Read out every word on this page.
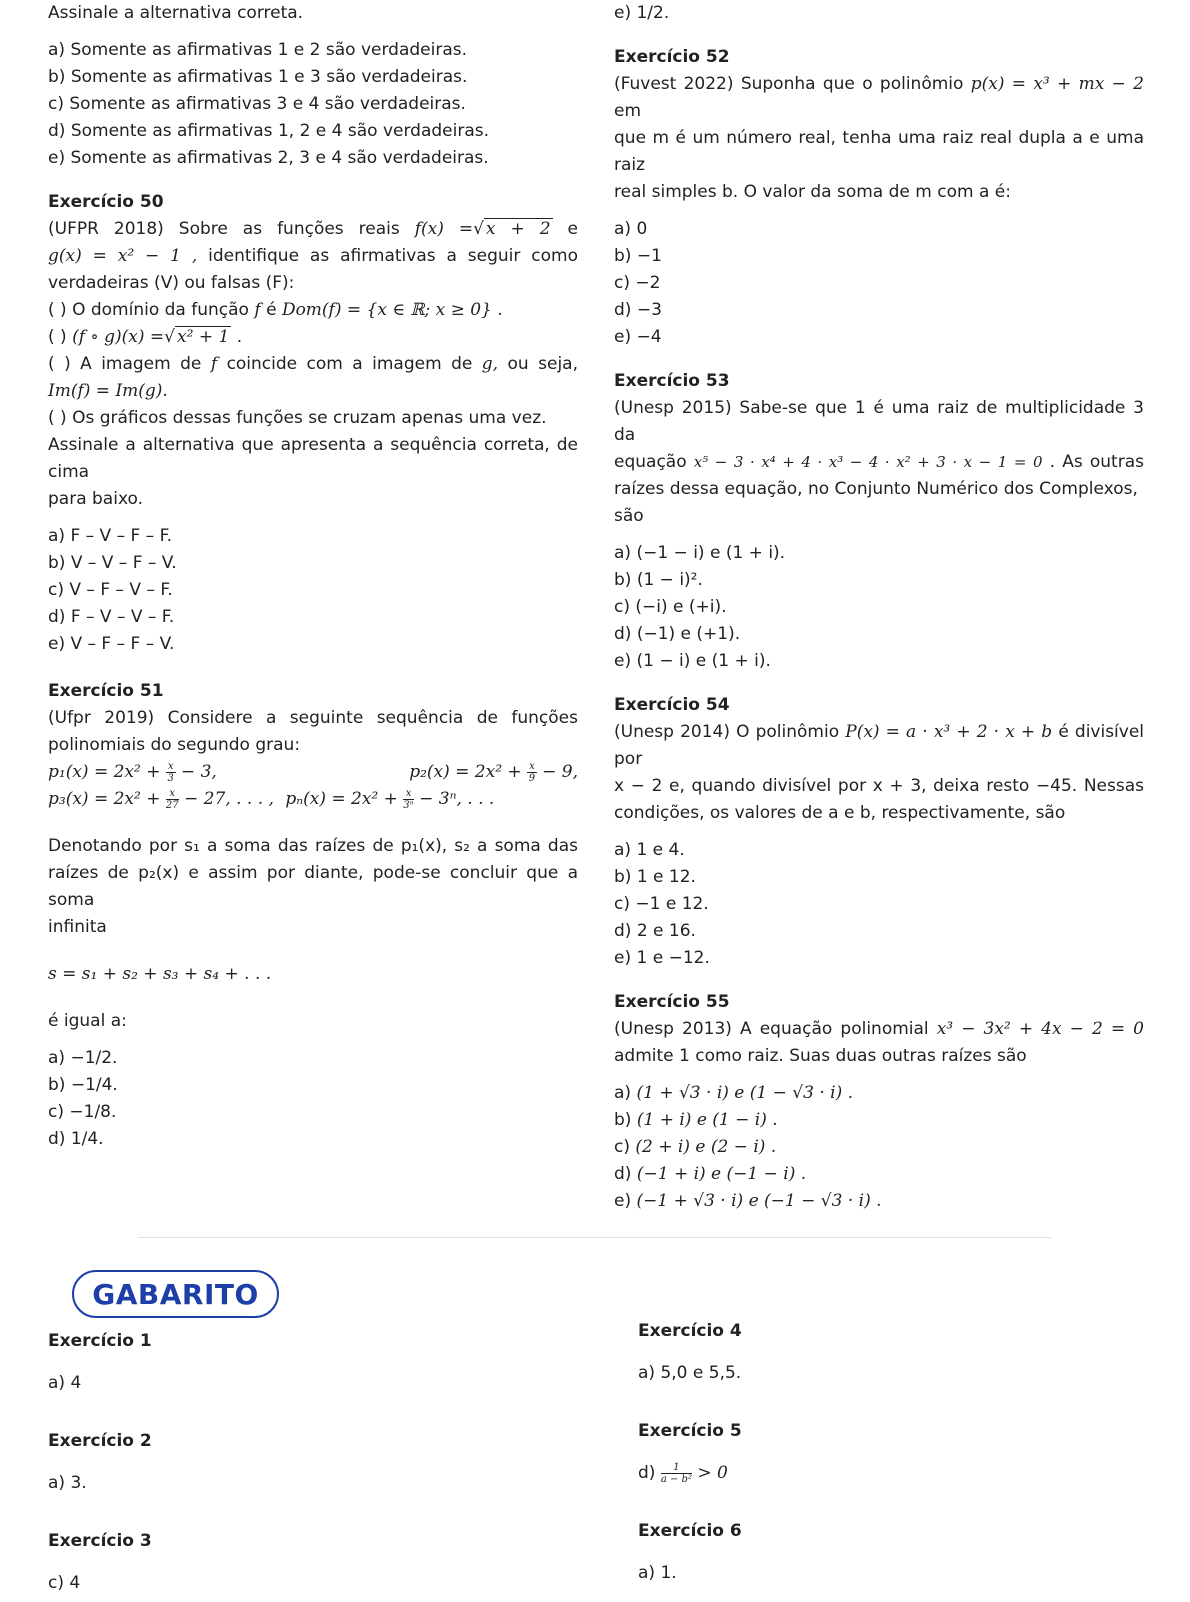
Assinale a alternativa correta.
a) Somente as afirmativas 1 e 2 são verdadeiras.
b) Somente as afirmativas 1 e 3 são verdadeiras.
c) Somente as afirmativas 3 e 4 são verdadeiras.
d) Somente as afirmativas 1, 2 e 4 são verdadeiras.
e) Somente as afirmativas 2, 3 e 4 são verdadeiras.
Exercício 50
(UFPR 2018) Sobre as funções reais f(x) =√ x + 2 e
g(x) = x² − 1 , identifique as afirmativas a seguir como
verdadeiras (V) ou falsas (F):
( ) O domínio da função f é Dom(f) = {x ∈ ℝ; x ≥ 0} .
( ) (f ∘ g)(x) =√ x² + 1 .
( ) A imagem de f coincide com a imagem de g, ou seja,
Im(f) = Im(g).
( ) Os gráficos dessas funções se cruzam apenas uma vez.
Assinale a alternativa que apresenta a sequência correta, de cima
para baixo.
a) F – V – F – F.
b) V – V – F – V.
c) V – F – V – F.
d) F – V – V – F.
e) V – F – F – V.
Exercício 51
(Ufpr 2019) Considere a seguinte sequência de funções
polinomiais do segundo grau:
$p_1(x) = 2x^2 + \frac{x}{3} - 3$,	$p_2(x) = 2x^2 + \frac{x}{9} - 9$,
$p_3(x) = 2x^2 + \frac{x}{27} - 27$, . . . , $p_n(x) = 2x^2 + \frac{x}{\text{3ⁿ}} - 3^n$, . . .
Denotando por s₁ a soma das raízes de p₁(x), s₂ a soma das
raízes de p₂(x) e assim por diante, pode-se concluir que a soma
infinita
s = s₁ + s₂ + s₃ + s₄ + . . .
é igual a:
a) −1/2.
b) −1/4.
c) −1/8.
d) 1/4.
e) 1/2.
Exercício 52
(Fuvest 2022) Suponha que o polinômio p(x) = x³ + mx − 2 em
que m é um número real, tenha uma raiz real dupla a e uma raiz
real simples b. O valor da soma de m com a é:
a) 0
b) −1
c) −2
d) −3
e) −4
Exercício 53
(Unesp 2015) Sabe-se que 1 é uma raiz de multiplicidade 3 da
equação x⁵ − 3 · x⁴ + 4 · x³ − 4 · x² + 3 · x − 1 = 0 . As outras
raízes dessa equação, no Conjunto Numérico dos Complexos, são
a) (−1 − i) e (1 + i).
b) (1 − i)².
c) (−i) e (+i).
d) (−1) e (+1).
e) (1 − i) e (1 + i).
Exercício 54
(Unesp 2014) O polinômio P(x) = a · x³ + 2 · x + b é divisível por
x − 2 e, quando divisível por x + 3, deixa resto −45. Nessas
condições, os valores de a e b, respectivamente, são
a) 1 e 4.
b) 1 e 12.
c) −1 e 12.
d) 2 e 16.
e) 1 e −12.
Exercício 55
(Unesp 2013) A equação polinomial x³ − 3x² + 4x − 2 = 0
admite 1 como raiz. Suas duas outras raízes são
a) (1 + √3 · i) e (1 − √3 · i) .
b) (1 + i) e (1 − i) .
c) (2 + i) e (2 − i) .
d) (−1 + i) e (−1 − i) .
e) (−1 + √3 · i) e (−1 − √3 · i) .
GABARITO
Exercício 1
a) 4
Exercício 2
a) 3.
Exercício 3
c) 4
Exercício 4
a) 5,0 e 5,5.
Exercício 5
$d) \frac{1}{\text{a − b²}} > 0$
Exercício 6
a) 1.
